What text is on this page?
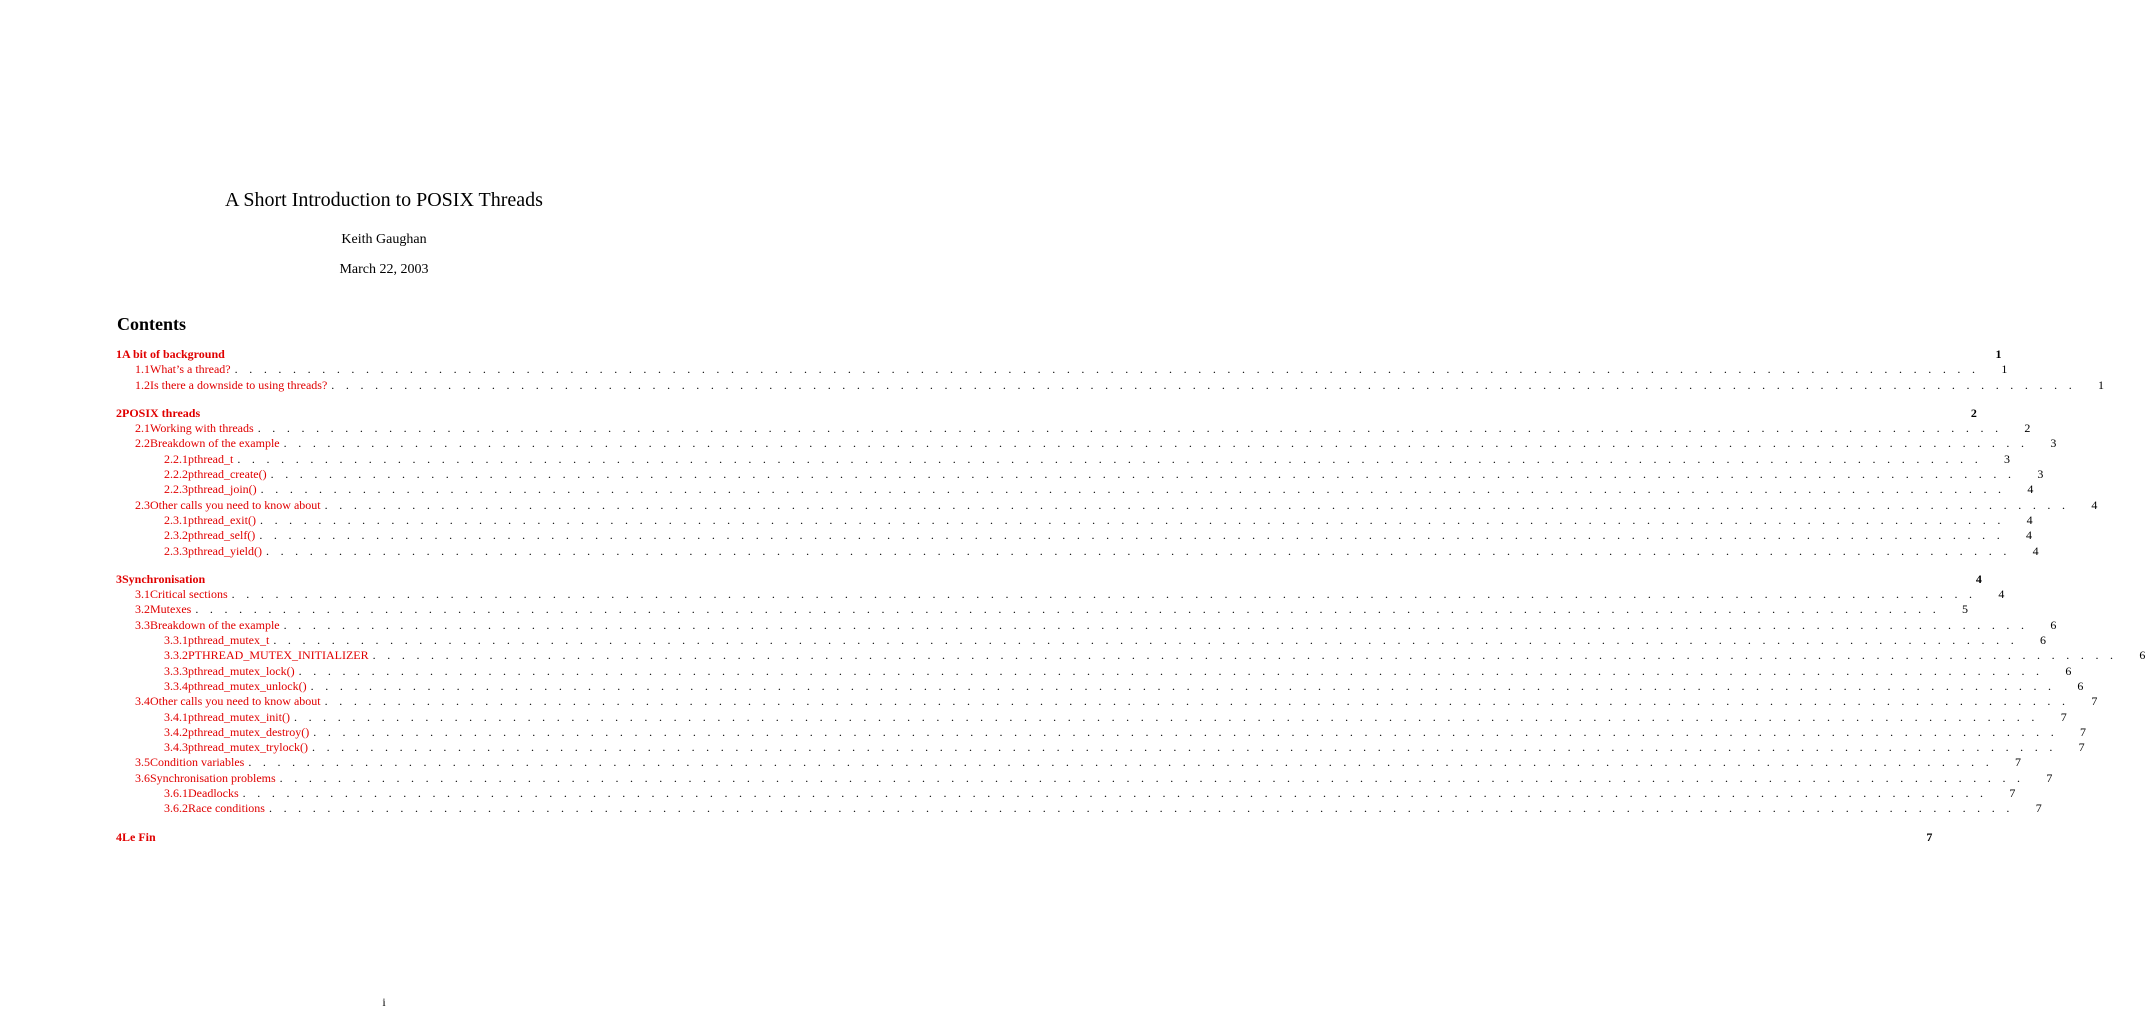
A Short Introduction to POSIX Threads
Keith Gaughan
March 22, 2003
Contents
1 A bit of background	1
1.1 What’s a thread? . . . . . . . . . . . . . . . . . . . . . . . . . . . . . . . . . . . . . . . . . . . . . . . . . . . . . . . . . . . . . . . . . . . . . . . . . . . . . . . . . . . . . . . . . . . . . . . . . . . . . . . . . . . . . . . . . . . . . . . .	1
1.2 Is there a downside to using threads? . . . . . . . . . . . . . . . . . . . . . . . . . . . . . . . . . . . . . . . . . . . . . . . . . . . . . . . . . . . . . . . . . . . . . . . . . . . . . . . . . . . . . . . . . . . . . . . . . . . . . . . . . . . . . . . . . . . . . . . .	1
2 POSIX threads	2
2.1 Working with threads . . . . . . . . . . . . . . . . . . . . . . . . . . . . . . . . . . . . . . . . . . . . . . . . . . . . . . . . . . . . . . . . . . . . . . . . . . . . . . . . . . . . . . . . . . . . . . . . . . . . . . . . . . . . . . . . . . . . . . . .	2
2.2 Breakdown of the example . . . . . . . . . . . . . . . . . . . . . . . . . . . . . . . . . . . . . . . . . . . . . . . . . . . . . . . . . . . . . . . . . . . . . . . . . . . . . . . . . . . . . . . . . . . . . . . . . . . . . . . . . . . . . . . . . . . . . . . .	3
2.2.1 pthread_t . . . . . . . . . . . . . . . . . . . . . . . . . . . . . . . . . . . . . . . . . . . . . . . . . . . . . . . . . . . . . . . . . . . . . . . . . . . . . . . . . . . . . . . . . . . . . . . . . . . . . . . . . . . . . . . . . . . . . . . .	3
2.2.2 pthread_create() . . . . . . . . . . . . . . . . . . . . . . . . . . . . . . . . . . . . . . . . . . . . . . . . . . . . . . . . . . . . . . . . . . . . . . . . . . . . . . . . . . . . . . . . . . . . . . . . . . . . . . . . . . . . . . . . . . . . . . . .	3
2.2.3 pthread_join() . . . . . . . . . . . . . . . . . . . . . . . . . . . . . . . . . . . . . . . . . . . . . . . . . . . . . . . . . . . . . . . . . . . . . . . . . . . . . . . . . . . . . . . . . . . . . . . . . . . . . . . . . . . . . . . . . . . . . . . .	4
2.3 Other calls you need to know about . . . . . . . . . . . . . . . . . . . . . . . . . . . . . . . . . . . . . . . . . . . . . . . . . . . . . . . . . . . . . . . . . . . . . . . . . . . . . . . . . . . . . . . . . . . . . . . . . . . . . . . . . . . . . . . . . . . . . . . .	4
2.3.1 pthread_exit() . . . . . . . . . . . . . . . . . . . . . . . . . . . . . . . . . . . . . . . . . . . . . . . . . . . . . . . . . . . . . . . . . . . . . . . . . . . . . . . . . . . . . . . . . . . . . . . . . . . . . . . . . . . . . . . . . . . . . . . .	4
2.3.2 pthread_self() . . . . . . . . . . . . . . . . . . . . . . . . . . . . . . . . . . . . . . . . . . . . . . . . . . . . . . . . . . . . . . . . . . . . . . . . . . . . . . . . . . . . . . . . . . . . . . . . . . . . . . . . . . . . . . . . . . . . . . . .	4
2.3.3 pthread_yield() . . . . . . . . . . . . . . . . . . . . . . . . . . . . . . . . . . . . . . . . . . . . . . . . . . . . . . . . . . . . . . . . . . . . . . . . . . . . . . . . . . . . . . . . . . . . . . . . . . . . . . . . . . . . . . . . . . . . . . . .	4
3 Synchronisation	4
3.1 Critical sections . . . . . . . . . . . . . . . . . . . . . . . . . . . . . . . . . . . . . . . . . . . . . . . . . . . . . . . . . . . . . . . . . . . . . . . . . . . . . . . . . . . . . . . . . . . . . . . . . . . . . . . . . . . . . . . . . . . . . . . .	4
3.2 Mutexes . . . . . . . . . . . . . . . . . . . . . . . . . . . . . . . . . . . . . . . . . . . . . . . . . . . . . . . . . . . . . . . . . . . . . . . . . . . . . . . . . . . . . . . . . . . . . . . . . . . . . . . . . . . . . . . . . . . . . . . .	5
3.3 Breakdown of the example . . . . . . . . . . . . . . . . . . . . . . . . . . . . . . . . . . . . . . . . . . . . . . . . . . . . . . . . . . . . . . . . . . . . . . . . . . . . . . . . . . . . . . . . . . . . . . . . . . . . . . . . . . . . . . . . . . . . . . . .	6
3.3.1 pthread_mutex_t . . . . . . . . . . . . . . . . . . . . . . . . . . . . . . . . . . . . . . . . . . . . . . . . . . . . . . . . . . . . . . . . . . . . . . . . . . . . . . . . . . . . . . . . . . . . . . . . . . . . . . . . . . . . . . . . . . . . . . . .	6
3.3.2 PTHREAD_MUTEX_INITIALIZER . . . . . . . . . . . . . . . . . . . . . . . . . . . . . . . . . . . . . . . . . . . . . . . . . . . . . . . . . . . . . . . . . . . . . . . . . . . . . . . . . . . . . . . . . . . . . . . . . . . . . . . . . . . . . . . . . . . . . . . .	6
3.3.3 pthread_mutex_lock() . . . . . . . . . . . . . . . . . . . . . . . . . . . . . . . . . . . . . . . . . . . . . . . . . . . . . . . . . . . . . . . . . . . . . . . . . . . . . . . . . . . . . . . . . . . . . . . . . . . . . . . . . . . . . . . . . . . . . . . .	6
3.3.4 pthread_mutex_unlock() . . . . . . . . . . . . . . . . . . . . . . . . . . . . . . . . . . . . . . . . . . . . . . . . . . . . . . . . . . . . . . . . . . . . . . . . . . . . . . . . . . . . . . . . . . . . . . . . . . . . . . . . . . . . . . . . . . . . . . . .	6
3.4 Other calls you need to know about . . . . . . . . . . . . . . . . . . . . . . . . . . . . . . . . . . . . . . . . . . . . . . . . . . . . . . . . . . . . . . . . . . . . . . . . . . . . . . . . . . . . . . . . . . . . . . . . . . . . . . . . . . . . . . . . . . . . . . . .	7
3.4.1 pthread_mutex_init() . . . . . . . . . . . . . . . . . . . . . . . . . . . . . . . . . . . . . . . . . . . . . . . . . . . . . . . . . . . . . . . . . . . . . . . . . . . . . . . . . . . . . . . . . . . . . . . . . . . . . . . . . . . . . . . . . . . . . . . .	7
3.4.2 pthread_mutex_destroy() . . . . . . . . . . . . . . . . . . . . . . . . . . . . . . . . . . . . . . . . . . . . . . . . . . . . . . . . . . . . . . . . . . . . . . . . . . . . . . . . . . . . . . . . . . . . . . . . . . . . . . . . . . . . . . . . . . . . . . . .	7
3.4.3 pthread_mutex_trylock() . . . . . . . . . . . . . . . . . . . . . . . . . . . . . . . . . . . . . . . . . . . . . . . . . . . . . . . . . . . . . . . . . . . . . . . . . . . . . . . . . . . . . . . . . . . . . . . . . . . . . . . . . . . . . . . . . . . . . . . .	7
3.5 Condition variables . . . . . . . . . . . . . . . . . . . . . . . . . . . . . . . . . . . . . . . . . . . . . . . . . . . . . . . . . . . . . . . . . . . . . . . . . . . . . . . . . . . . . . . . . . . . . . . . . . . . . . . . . . . . . . . . . . . . . . . .	7
3.6 Synchronisation problems . . . . . . . . . . . . . . . . . . . . . . . . . . . . . . . . . . . . . . . . . . . . . . . . . . . . . . . . . . . . . . . . . . . . . . . . . . . . . . . . . . . . . . . . . . . . . . . . . . . . . . . . . . . . . . . . . . . . . . . .	7
3.6.1 Deadlocks . . . . . . . . . . . . . . . . . . . . . . . . . . . . . . . . . . . . . . . . . . . . . . . . . . . . . . . . . . . . . . . . . . . . . . . . . . . . . . . . . . . . . . . . . . . . . . . . . . . . . . . . . . . . . . . . . . . . . . . .	7
3.6.2 Race conditions . . . . . . . . . . . . . . . . . . . . . . . . . . . . . . . . . . . . . . . . . . . . . . . . . . . . . . . . . . . . . . . . . . . . . . . . . . . . . . . . . . . . . . . . . . . . . . . . . . . . . . . . . . . . . . . . . . . . . . . .	7
4 Le Fin	7
i
